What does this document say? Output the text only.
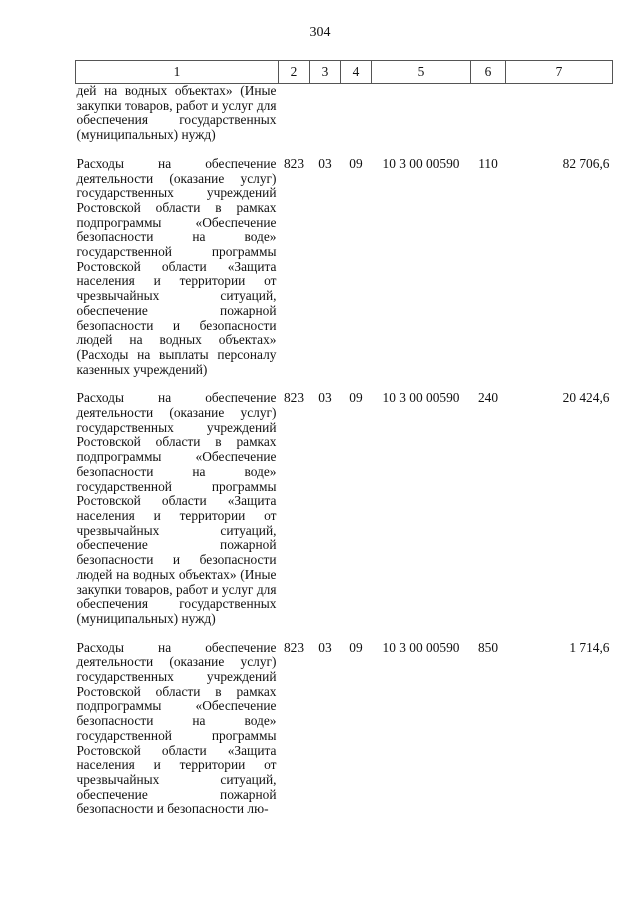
304
1	2	3	4	5	6	7
дей на водных объектах» (Иные закупки товаров, работ и услуг для обеспечения государственных (муниципальных) нужд)						
Расходы на обеспечение деятельности (оказание услуг) государственных учреждений Ростовской области в рамках подпрограммы «Обеспечение безопасности на воде» государственной программы Ростовской области «Защита населения и территории от чрезвычайных ситуаций, обеспечение пожарной безопасности и безопасности людей на водных объектах» (Расходы на выплаты персоналу казенных учреждений)	823	03	09	10 3 00 00590	110	82 706,6
Расходы на обеспечение деятельности (оказание услуг) государственных учреждений Ростовской области в рамках подпрограммы «Обеспечение безопасности на воде» государственной программы Ростовской области «Защита населения и территории от чрезвычайных ситуаций, обеспечение пожарной безопасности и безопасности людей на водных объектах» (Иные закупки товаров, работ и услуг для обеспечения государственных (муниципальных) нужд)	823	03	09	10 3 00 00590	240	20 424,6
Расходы на обеспечение деятельности (оказание услуг) государственных учреждений Ростовской области в рамках подпрограммы «Обеспечение безопасности на воде» государственной программы Ростовской области «Защита населения и территории от чрезвычайных ситуаций, обеспечение пожарной безопасности и безопасности лю-	823	03	09	10 3 00 00590	850	1 714,6
